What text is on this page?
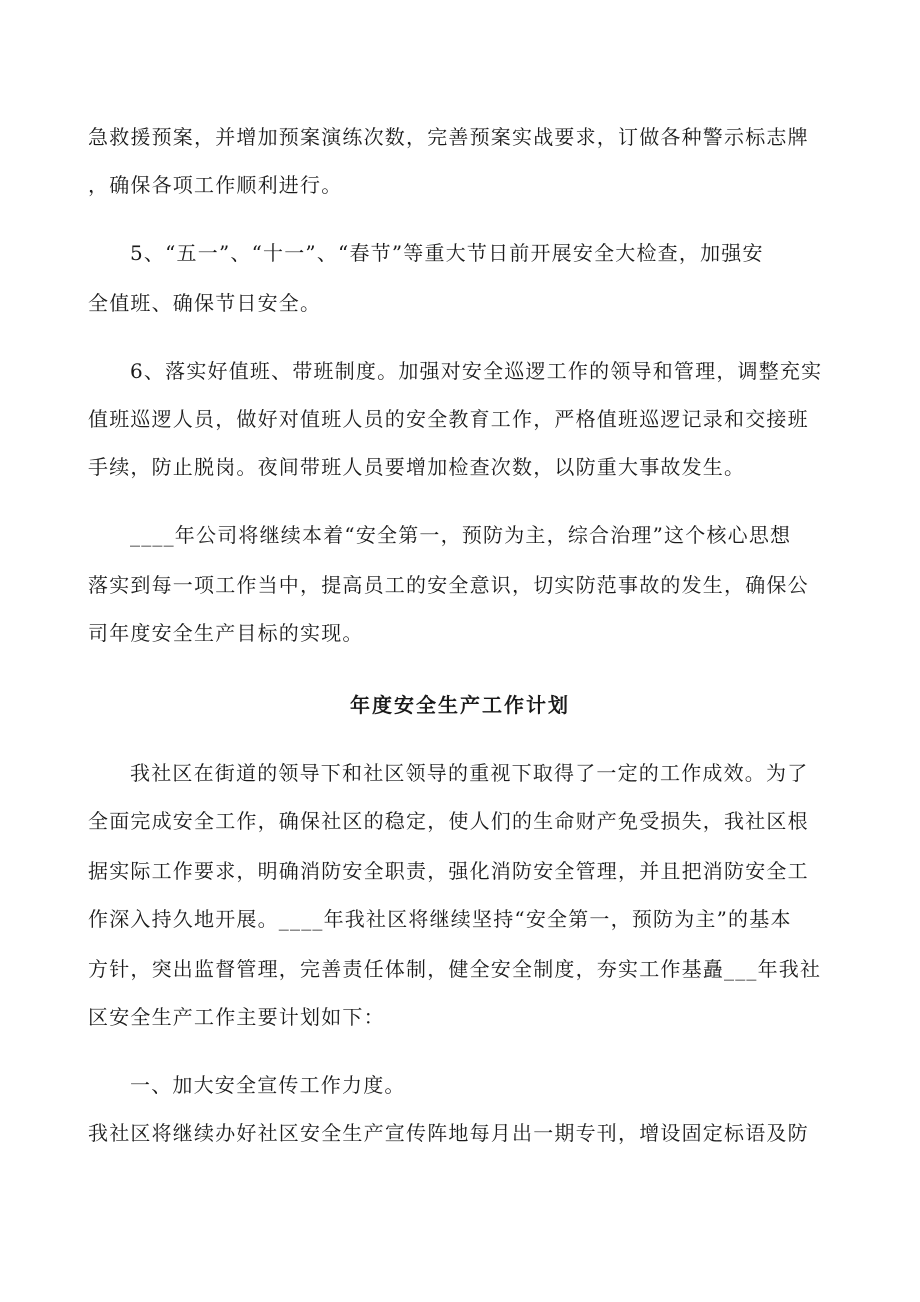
急救援预案，并增加预案演练次数，完善预案实战要求，订做各种警示标志牌
，确保各项工作顺利进行。
5、“五一”、“十一”、“春节”等重大节日前开展安全大检查，加强安
全值班、确保节日安全。
6、落实好值班、带班制度。加强对安全巡逻工作的领导和管理，调整充实
值班巡逻人员，做好对值班人员的安全教育工作，严格值班巡逻记录和交接班
手续，防止脱岗。夜间带班人员要增加检查次数，以防重大事故发生。
____年公司将继续本着“安全第一，预防为主，综合治理”这个核心思想
落实到每一项工作当中，提高员工的安全意识，切实防范事故的发生，确保公
司年度安全生产目标的实现。
年度安全生产工作计划
我社区在街道的领导下和社区领导的重视下取得了一定的工作成效。为了
全面完成安全工作，确保社区的稳定，使人们的生命财产免受损失，我社区根
据实际工作要求，明确消防安全职责，强化消防安全管理，并且把消防安全工
作深入持久地开展。____年我社区将继续坚持“安全第一，预防为主”的基本
方针，突出监督管理，完善责任体制，健全安全制度，夯实工作基矗___年我社
区安全生产工作主要计划如下：
一、加大安全宣传工作力度。
我社区将继续办好社区安全生产宣传阵地每月出一期专刊，增设固定标语及防
